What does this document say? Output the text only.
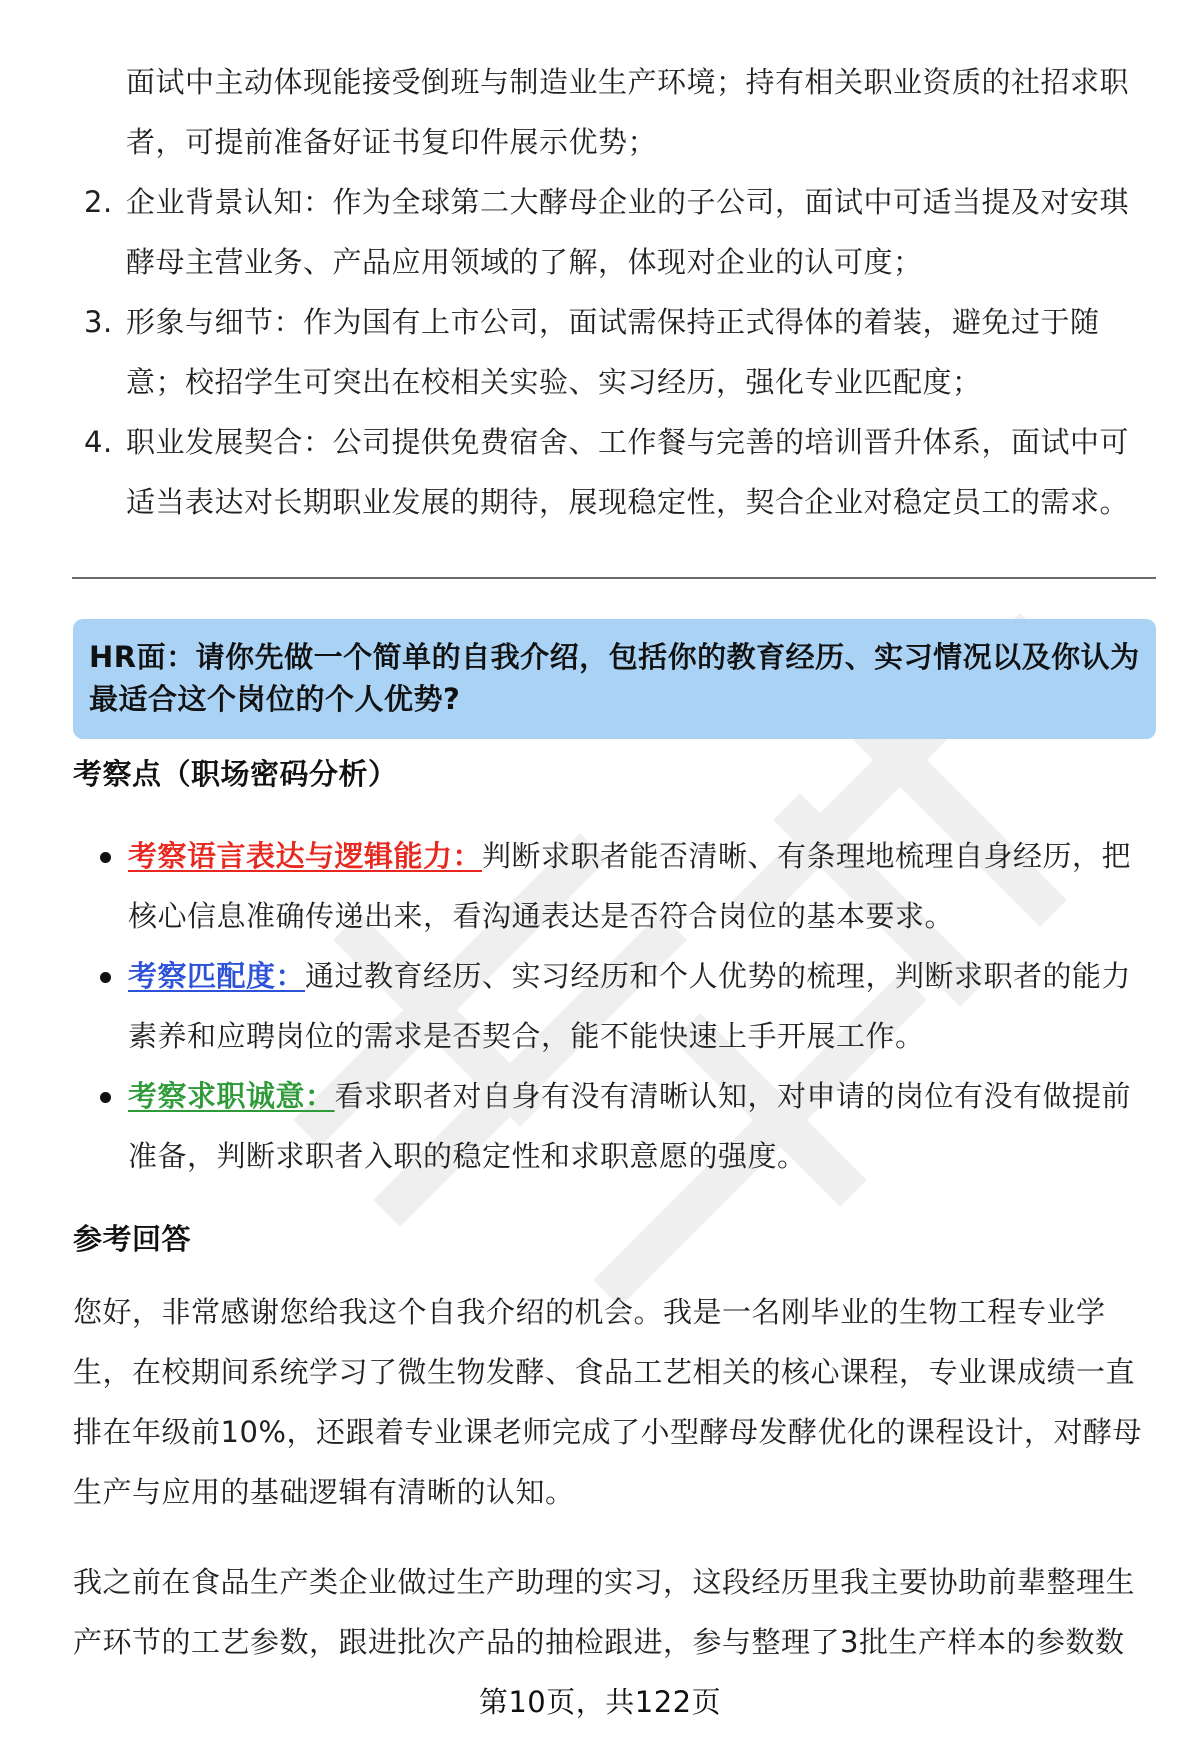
面试中主动体现能接受倒班与制造业生产环境；持有相关职业资质的社招求职者，可提前准备好证书复印件展示优势；
2. 企业背景认知：作为全球第二大酵母企业的子公司，面试中可适当提及对安琪酵母主营业务、产品应用领域的了解，体现对企业的认可度；
3. 形象与细节：作为国有上市公司，面试需保持正式得体的着装，避免过于随意；校招学生可突出在校相关实验、实习经历，强化专业匹配度；
4. 职业发展契合：公司提供免费宿舍、工作餐与完善的培训晋升体系，面试中可适当表达对长期职业发展的期待，展现稳定性，契合企业对稳定员工的需求。
HR面：请你先做一个简单的自我介绍，包括你的教育经历、实习情况以及你认为最适合这个岗位的个人优势?
考察点（职场密码分析）
考察语言表达与逻辑能力：判断求职者能否清晰、有条理地梳理自身经历，把核心信息准确传递出来，看沟通表达是否符合岗位的基本要求。
考察匹配度：通过教育经历、实习经历和个人优势的梳理，判断求职者的能力素养和应聘岗位的需求是否契合，能不能快速上手开展工作。
考察求职诚意：看求职者对自身有没有清晰认知，对申请的岗位有没有做提前准备，判断求职者入职的稳定性和求职意愿的强度。
参考回答

您好，非常感谢您给我这个自我介绍的机会。我是一名刚毕业的生物工程专业学生，在校期间系统学习了微生物发酵、食品工艺相关的核心课程，专业课成绩一直排在年级前10%，还跟着专业课老师完成了小型酵母发酵优化的课程设计，对酵母生产与应用的基础逻辑有清晰的认知。

我之前在食品生产类企业做过生产助理的实习，这段经历里我主要协助前辈整理生产环节的工艺参数，跟进批次产品的抽检跟进，参与整理了3批生产样本的参数数

第10页，共122页
